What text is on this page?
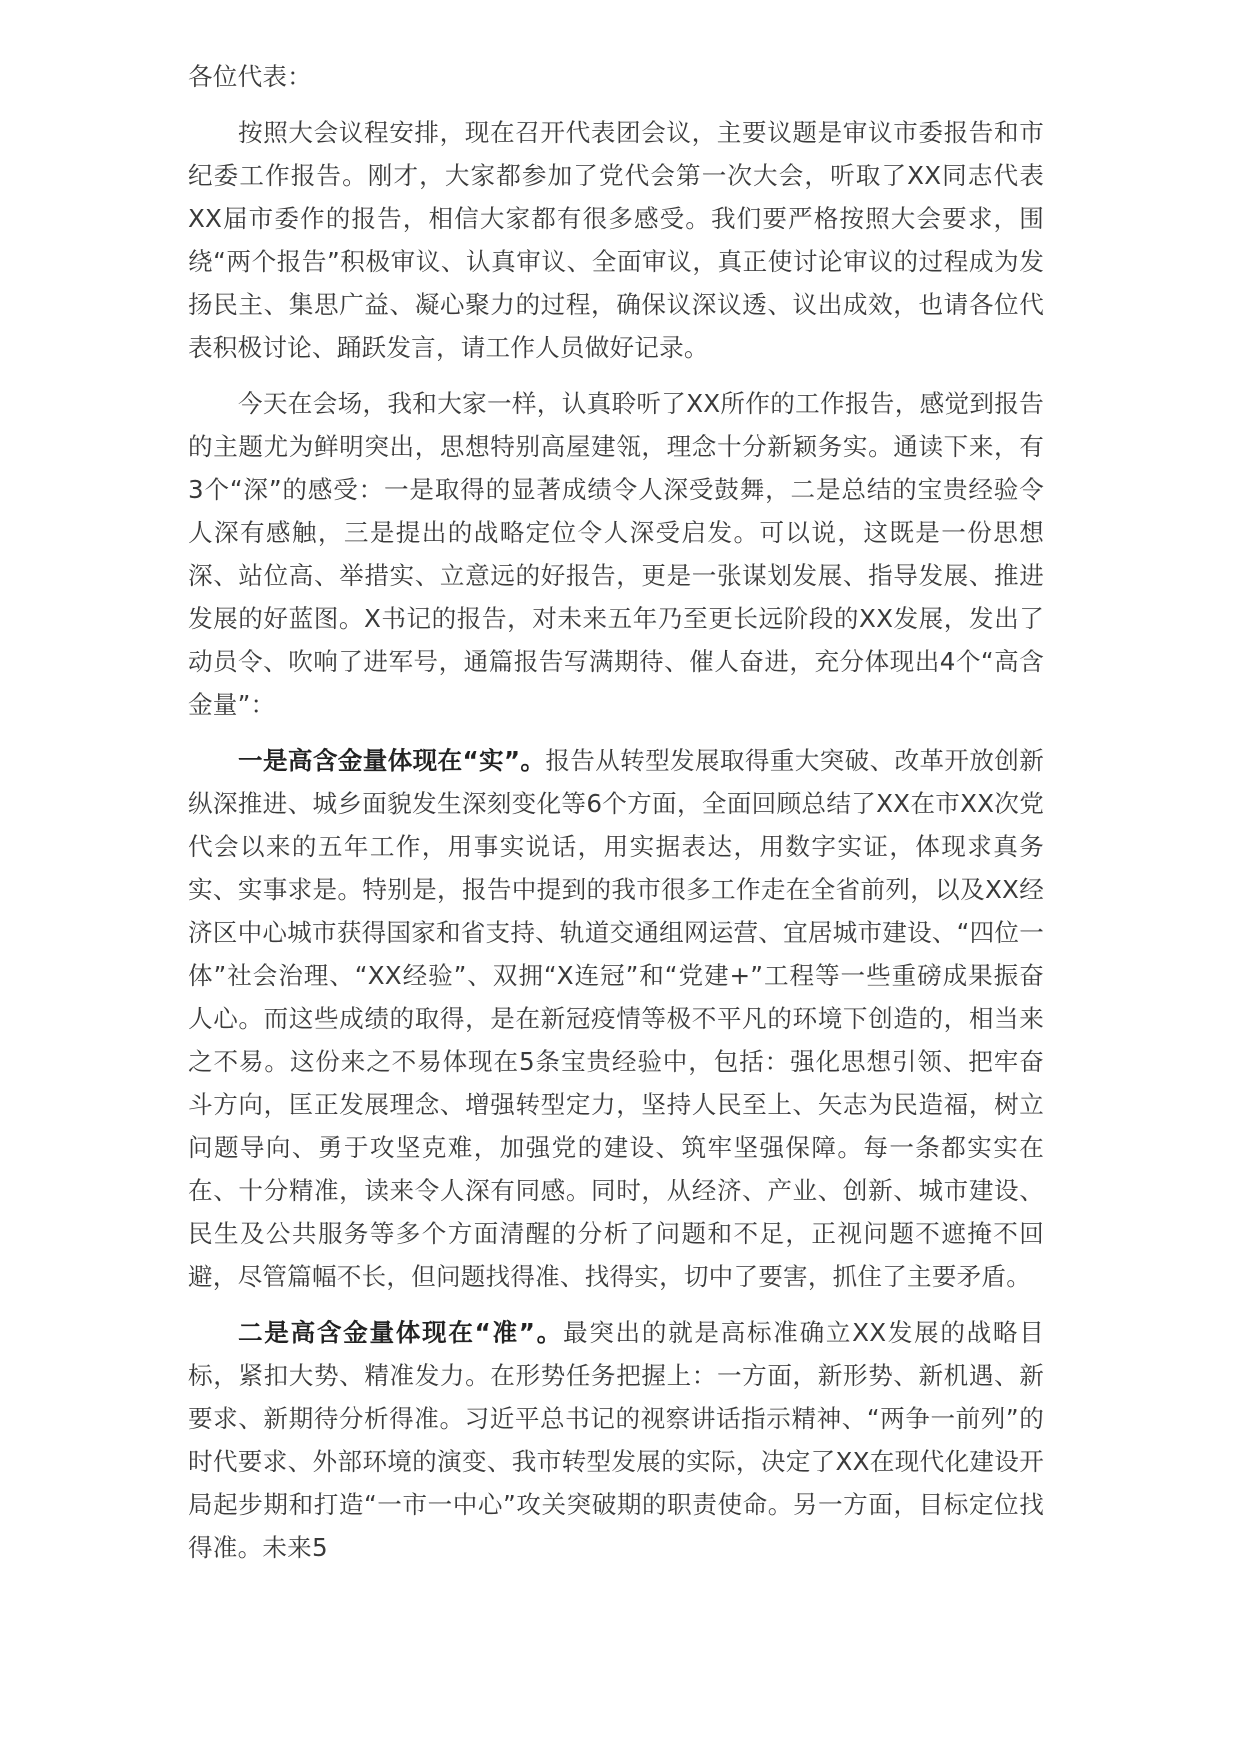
各位代表：

按照大会议程安排，现在召开代表团会议，主要议题是审议市委报告和市纪委工作报告。刚才，大家都参加了党代会第一次大会，听取了XX同志代表XX届市委作的报告，相信大家都有很多感受。我们要严格按照大会要求，围绕“两个报告”积极审议、认真审议、全面审议，真正使讨论审议的过程成为发扬民主、集思广益、凝心聚力的过程，确保议深议透、议出成效，也请各位代表积极讨论、踊跃发言，请工作人员做好记录。

今天在会场，我和大家一样，认真聆听了XX所作的工作报告，感觉到报告的主题尤为鲜明突出，思想特别高屋建瓴，理念十分新颖务实。通读下来，有3个“深”的感受：一是取得的显著成绩令人深受鼓舞，二是总结的宝贵经验令人深有感触，三是提出的战略定位令人深受启发。可以说，这既是一份思想深、站位高、举措实、立意远的好报告，更是一张谋划发展、指导发展、推进发展的好蓝图。X书记的报告，对未来五年乃至更长远阶段的XX发展，发出了动员令、吹响了进军号，通篇报告写满期待、催人奋进，充分体现出4个“高含金量”：

一是高含金量体现在“实”。报告从转型发展取得重大突破、改革开放创新纵深推进、城乡面貌发生深刻变化等6个方面，全面回顾总结了XX在市XX次党代会以来的五年工作，用事实说话，用实据表达，用数字实证，体现求真务实、实事求是。特别是，报告中提到的我市很多工作走在全省前列，以及XX经济区中心城市获得国家和省支持、轨道交通组网运营、宜居城市建设、“四位一体”社会治理、“XX经验”、双拥“X连冠”和“党建+”工程等一些重磅成果振奋人心。而这些成绩的取得，是在新冠疫情等极不平凡的环境下创造的，相当来之不易。这份来之不易体现在5条宝贵经验中，包括：强化思想引领、把牢奋斗方向，匡正发展理念、增强转型定力，坚持人民至上、矢志为民造福，树立问题导向、勇于攻坚克难，加强党的建设、筑牢坚强保障。每一条都实实在在、十分精准，读来令人深有同感。同时，从经济、产业、创新、城市建设、民生及公共服务等多个方面清醒的分析了问题和不足，正视问题不遮掩不回避，尽管篇幅不长，但问题找得准、找得实，切中了要害，抓住了主要矛盾。

二是高含金量体现在“准”。最突出的就是高标准确立XX发展的战略目标，紧扣大势、精准发力。在形势任务把握上：一方面，新形势、新机遇、新要求、新期待分析得准。习近平总书记的视察讲话指示精神、“两争一前列”的时代要求、外部环境的演变、我市转型发展的实际，决定了XX在现代化建设开局起步期和打造“一市一中心”攻关突破期的职责使命。另一方面，目标定位找得准。未来5
